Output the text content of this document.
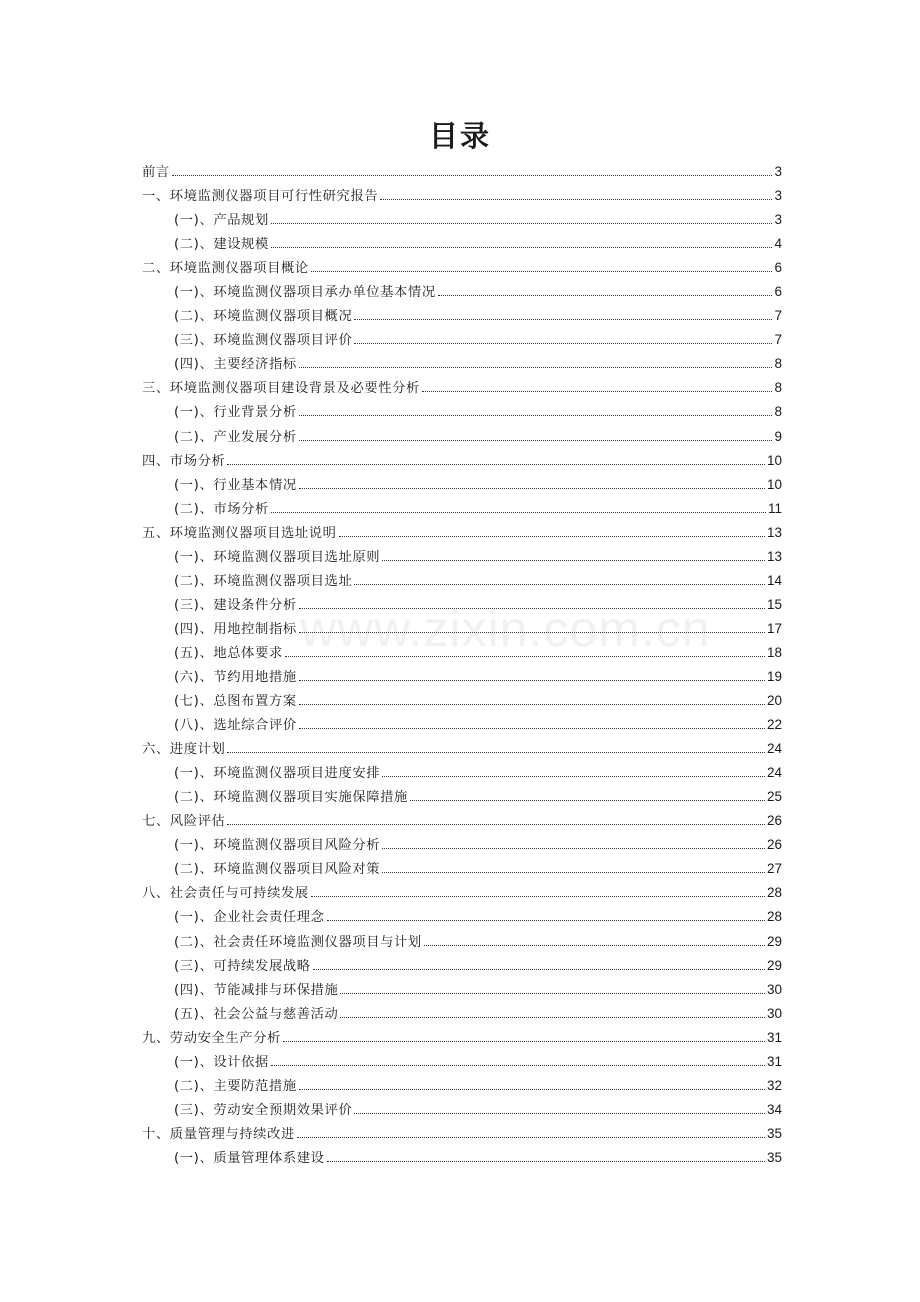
目录
前言	3
一、环境监测仪器项目可行性研究报告	3
(一)、产品规划	3
(二)、建设规模	4
二、环境监测仪器项目概论	6
(一)、环境监测仪器项目承办单位基本情况	6
(二)、环境监测仪器项目概况	7
(三)、环境监测仪器项目评价	7
(四)、主要经济指标	8
三、环境监测仪器项目建设背景及必要性分析	8
(一)、行业背景分析	8
(二)、产业发展分析	9
四、市场分析	10
(一)、行业基本情况	10
(二)、市场分析	11
五、环境监测仪器项目选址说明	13
(一)、环境监测仪器项目选址原则	13
(二)、环境监测仪器项目选址	14
(三)、建设条件分析	15
(四)、用地控制指标	17
(五)、地总体要求	18
(六)、节约用地措施	19
(七)、总图布置方案	20
(八)、选址综合评价	22
六、进度计划	24
(一)、环境监测仪器项目进度安排	24
(二)、环境监测仪器项目实施保障措施	25
七、风险评估	26
(一)、环境监测仪器项目风险分析	26
(二)、环境监测仪器项目风险对策	27
八、社会责任与可持续发展	28
(一)、企业社会责任理念	28
(二)、社会责任环境监测仪器项目与计划	29
(三)、可持续发展战略	29
(四)、节能减排与环保措施	30
(五)、社会公益与慈善活动	30
九、劳动安全生产分析	31
(一)、设计依据	31
(二)、主要防范措施	32
(三)、劳动安全预期效果评价	34
十、质量管理与持续改进	35
(一)、质量管理体系建设	35
www.zixin.com.cn
